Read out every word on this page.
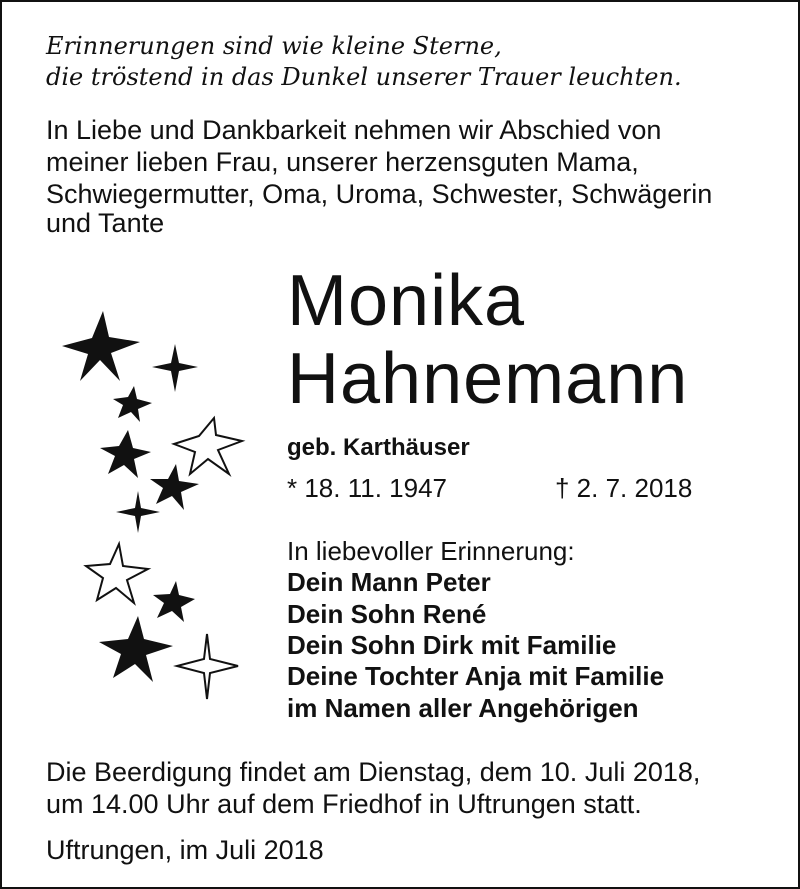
Erinnerungen sind wie kleine Sterne,
die tröstend in das Dunkel unserer Trauer leuchten.
In Liebe und Dankbarkeit nehmen wir Abschied von
meiner lieben Frau, unserer herzensguten Mama,
Schwiegermutter, Oma, Uroma, Schwester, Schwägerin
und Tante
Monika
Hahnemann
geb. Karthäuser
* 18. 11. 1947	† 2. 7. 2018
In liebevoller Erinnerung:
Dein Mann Peter
Dein Sohn René
Dein Sohn Dirk mit Familie
Deine Tochter Anja mit Familie
im Namen aller Angehörigen
Die Beerdigung findet am Dienstag, dem 10. Juli 2018,
um 14.00 Uhr auf dem Friedhof in Uftrungen statt.
Uftrungen, im Juli 2018
